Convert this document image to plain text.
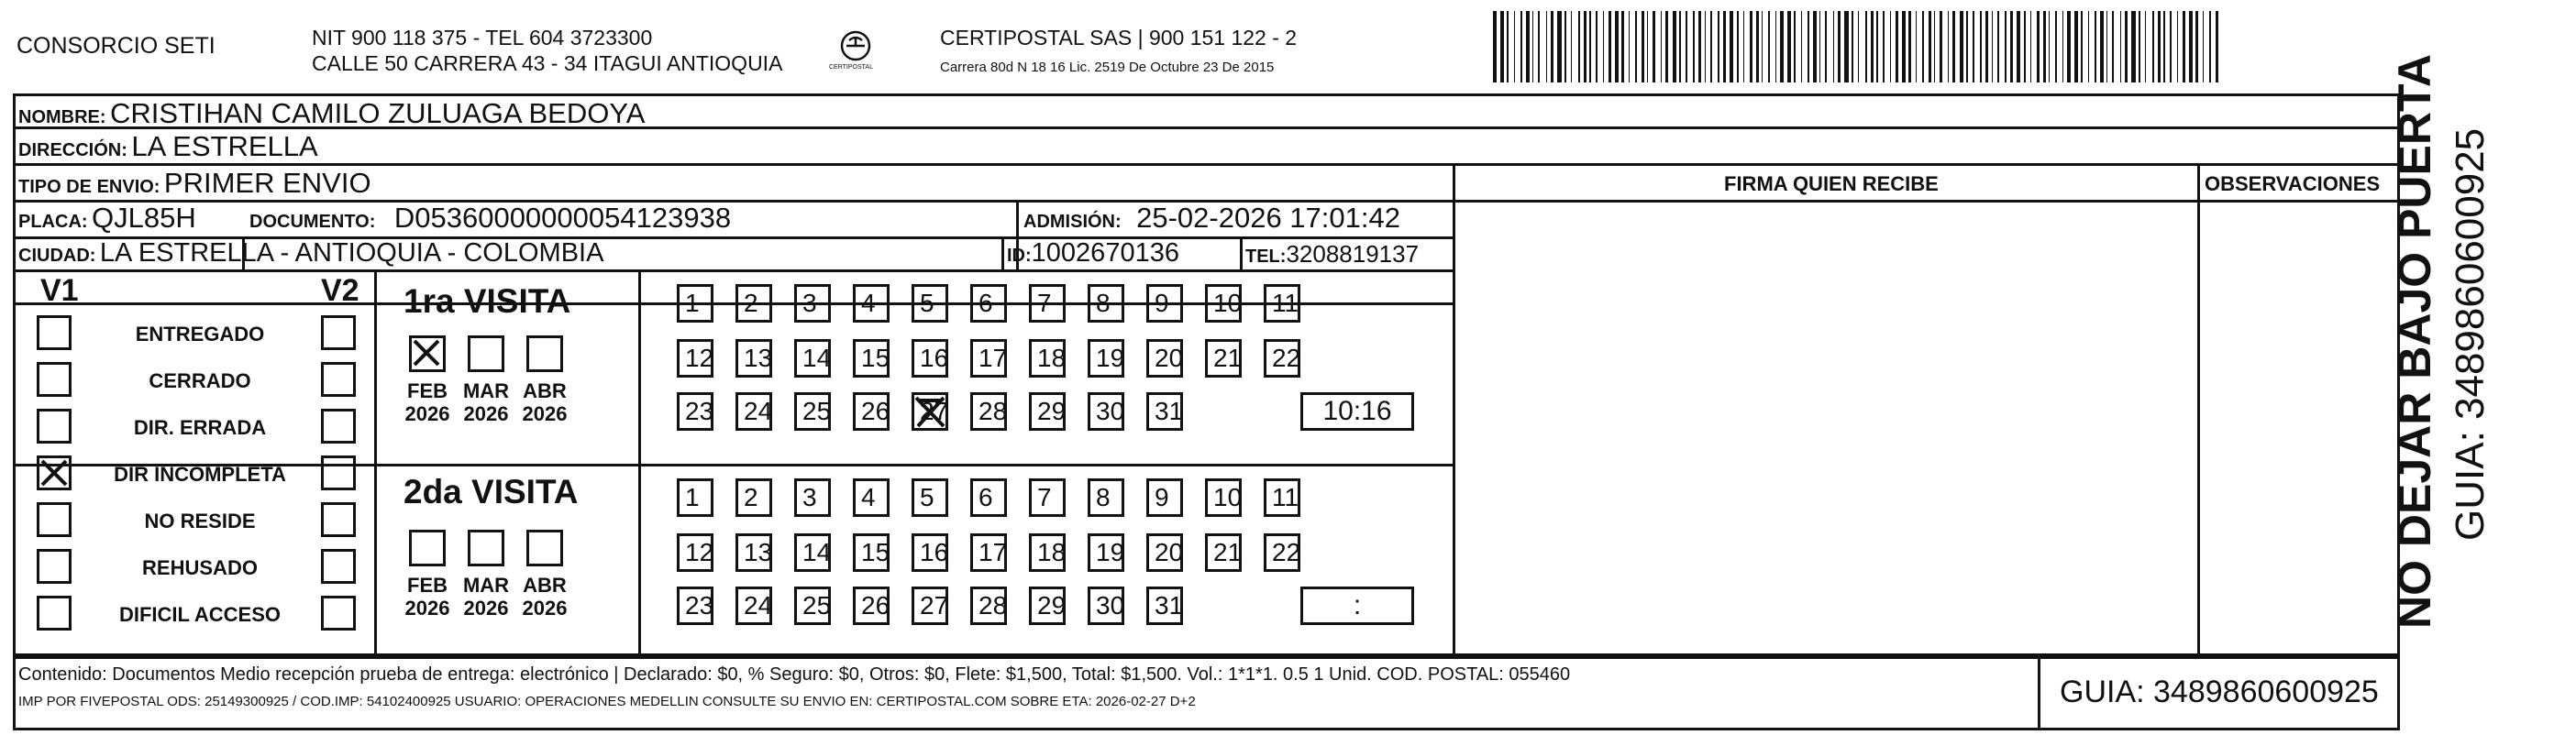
CONSORCIO SETI	NIT 900 118 375 - TEL 604 3723300
CALLE 50 CARRERA 43 - 34 ITAGUI ANTIOQUIA	CERTIPOSTAL
CERTIPOSTAL SAS | 900 151 122 - 2
Carrera 80d N 18 16 Lic. 2519 De Octubre 23 De 2015
NOMBRE: CRISTIHAN CAMILO ZULUAGA BEDOYA
DIRECCIÓN: LA ESTRELLA
TIPO DE ENVIO: PRIMER ENVIO	FIRMA QUIEN RECIBE	OBSERVACIONES
PLACA: QJL85H	DOCUMENTO: D05360000000054123938	ADMISIÓN: 25-02-2026 17:01:42
CIUDAD: LA ESTRELLA - ANTIOQUIA - COLOMBIA	ID:1002670136	TEL:3208819137
V1	V2
ENTREGADO
CERRADO
DIR. ERRADA
DIR INCOMPLETA
NO RESIDE
REHUSADO
DIFICIL ACCESO
1ra VISITA
2da VISITA
FEB
2026
MAR
2026
ABR
2026
1	2	3	4	5	6	7	8	9	10	11
12	13	14	15	16	17	18	19	20	21	22
23	24	25	26	27	28	29	30	31	10:16
FEB
2026
MAR
2026
ABR
2026
1	2	3	4	5	6	7	8	9	10	11
12	13	14	15	16	17	18	19	20	21	22
23	24	25	26	27	28	29	30	31	:
Contenido: Documentos Medio recepción prueba de entrega: electrónico | Declarado: $0, % Seguro: $0, Otros: $0, Flete: $1,500, Total: $1,500. Vol.: 1*1*1. 0.5 1 Unid. COD. POSTAL: 055460
IMP POR FIVEPOSTAL ODS: 25149300925 / COD.IMP: 54102400925 USUARIO: OPERACIONES MEDELLIN CONSULTE SU ENVIO EN: CERTIPOSTAL.COM SOBRE ETA: 2026-02-27 D+2	GUIA: 3489860600925
NO DEJAR BAJO PUERTA GUIA: 3489860600925
